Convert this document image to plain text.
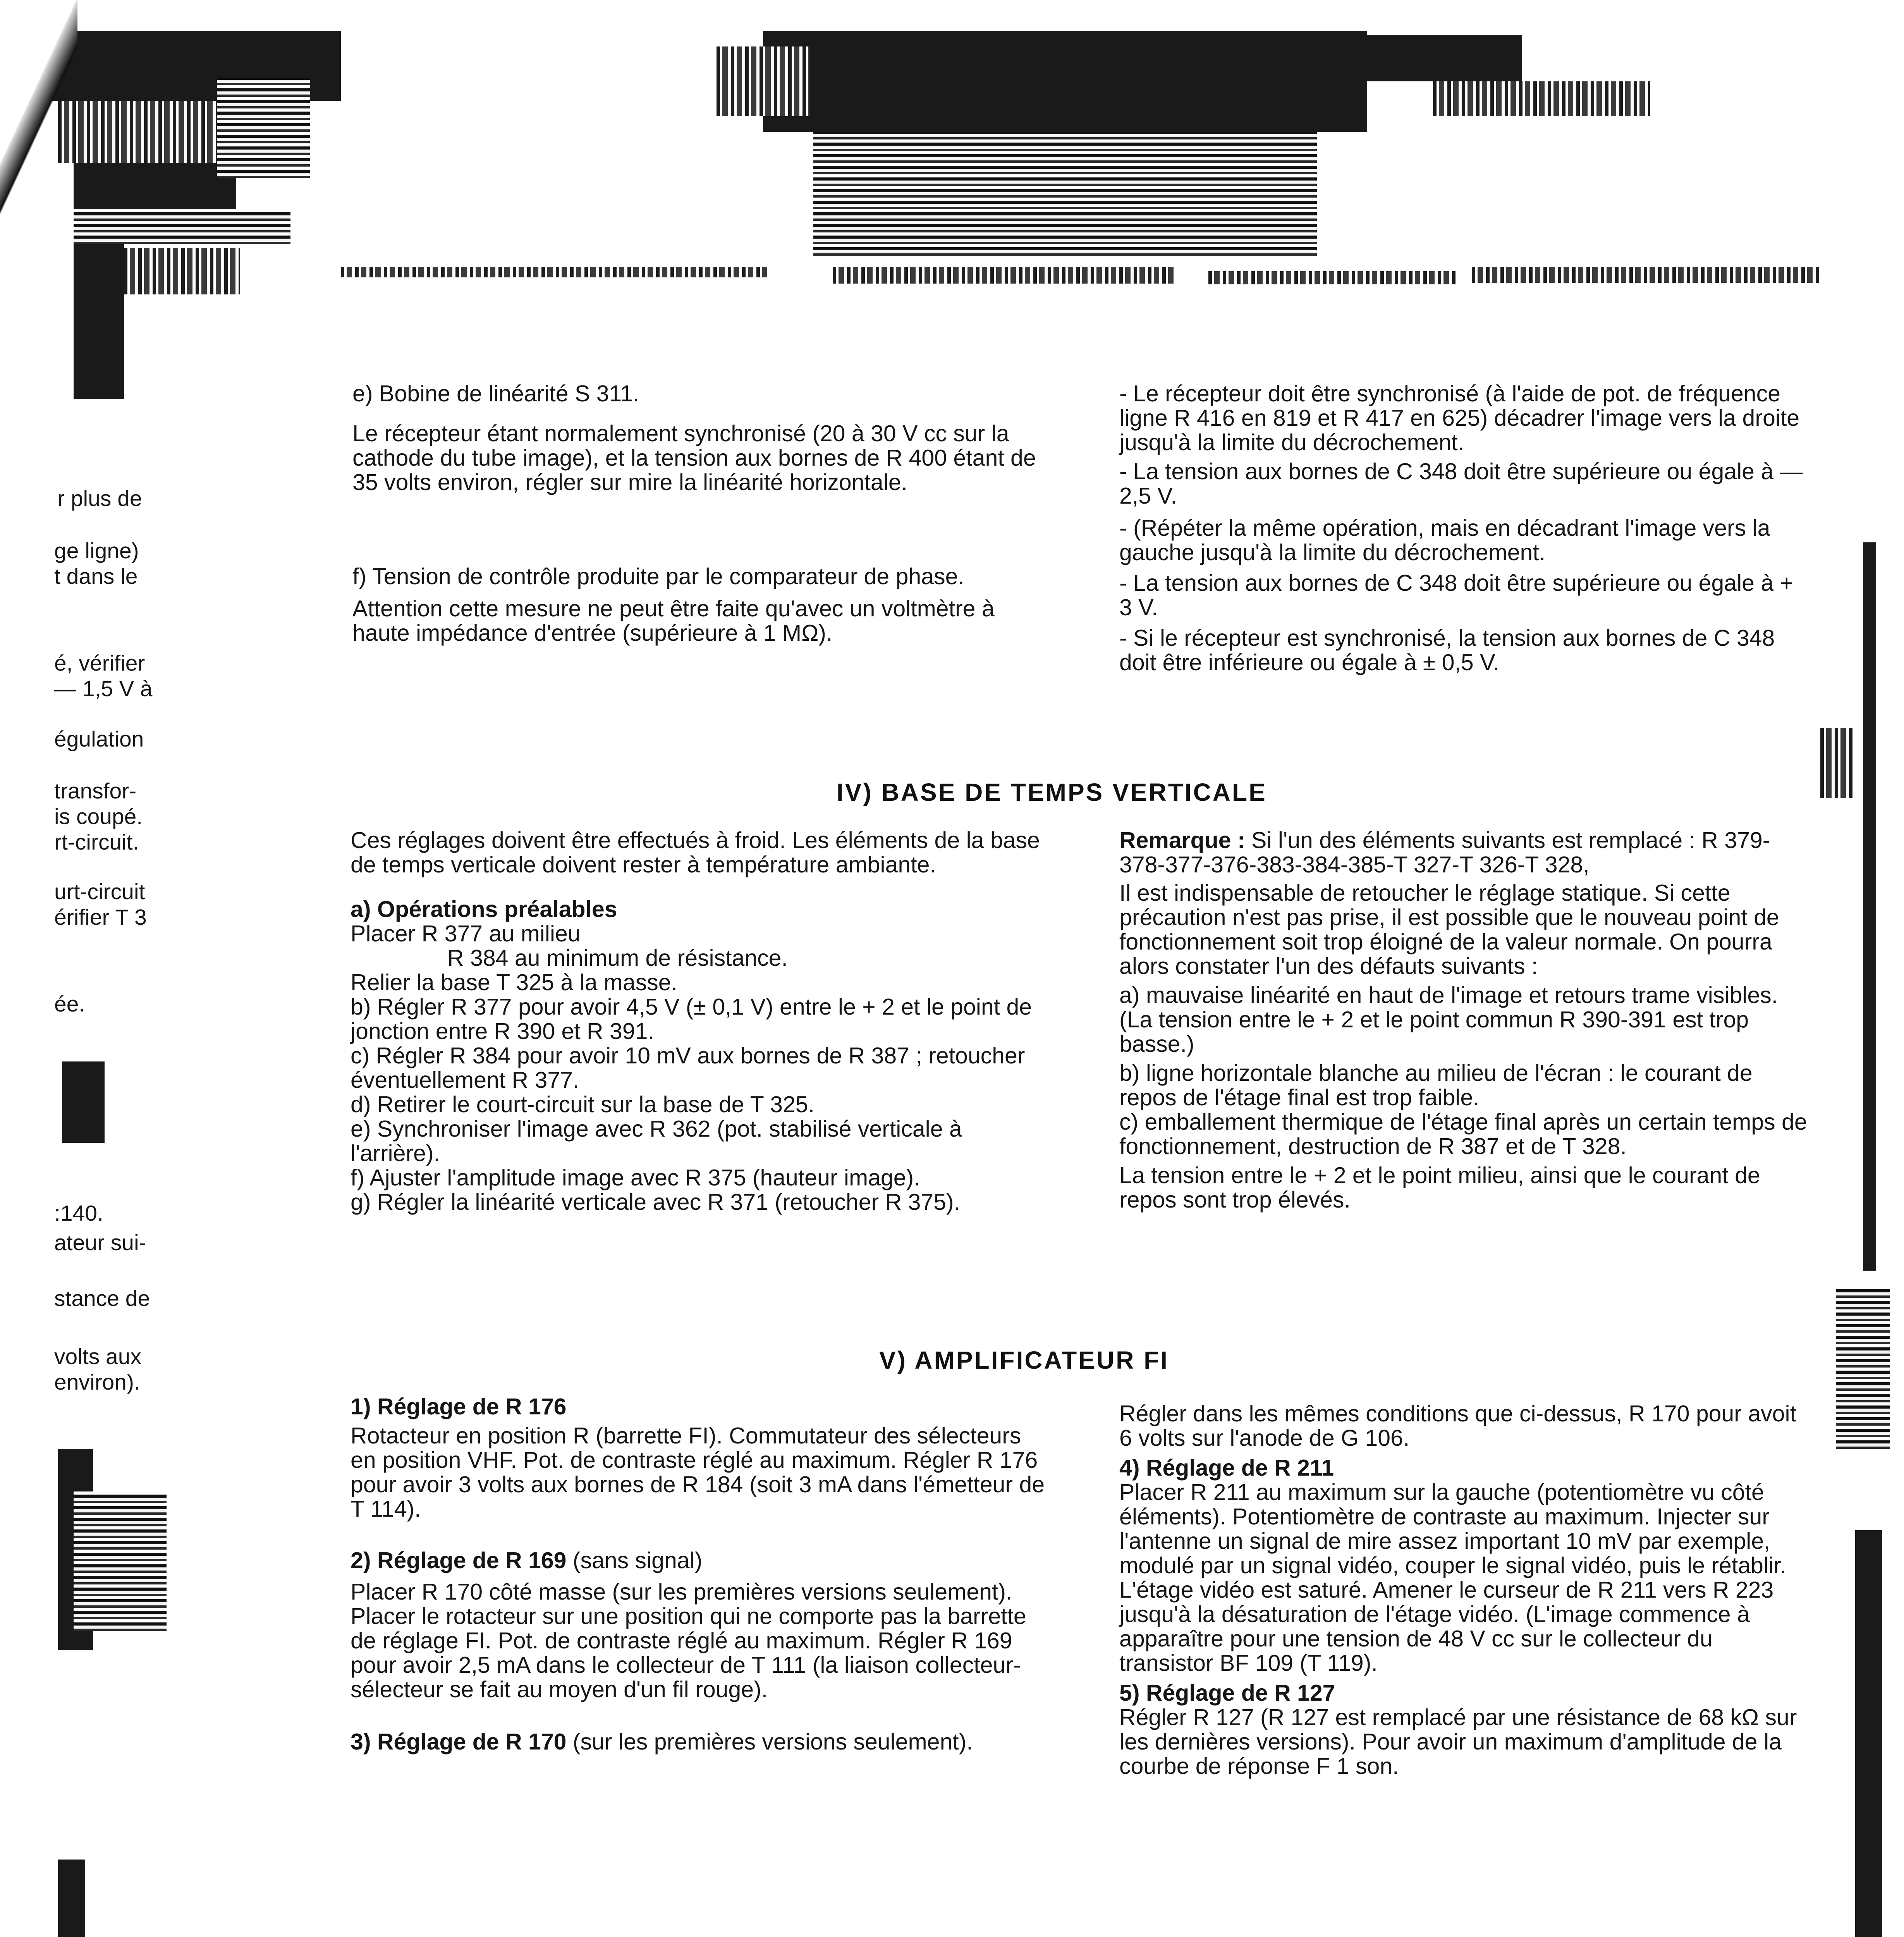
r plus de
ge ligne)
t dans le
é, vérifier
— 1,5 V à
égulation
transfor-
is coupé.
rt-circuit.
urt-circuit
érifier T 3
ée.
:140.
ateur sui-
stance de
volts aux
environ).

e) Bobine de linéarité S 311.

Le récepteur étant normalement synchronisé (20 à 30 V cc sur la cathode du tube image), et la tension aux bornes de R 400 étant de 35 volts environ, régler sur mire la linéarité horizontale.

f) Tension de contrôle produite par le comparateur de phase.

Attention cette mesure ne peut être faite qu'avec un voltmètre à haute impédance d'entrée (supérieure à 1 MΩ).

- Le récepteur doit être synchronisé (à l'aide de pot. de fréquence ligne R 416 en 819 et R 417 en 625) décadrer l'image vers la droite jusqu'à la limite du décrochement.

- La tension aux bornes de C 348 doit être supérieure ou égale à — 2,5 V.

- (Répéter la même opération, mais en décadrant l'image vers la gauche jusqu'à la limite du décrochement.

- La tension aux bornes de C 348 doit être supérieure ou égale à + 3 V.

- Si le récepteur est synchronisé, la tension aux bornes de C 348 doit être inférieure ou égale à ± 0,5 V.

IV) BASE DE TEMPS VERTICALE

Ces réglages doivent être effectués à froid. Les éléments de la base de temps verticale doivent rester à température ambiante.

a) Opérations préalables

Placer R 377 au milieu

R 384 au minimum de résistance.

Relier la base T 325 à la masse.

b) Régler R 377 pour avoir 4,5 V (± 0,1 V) entre le + 2 et le point de jonction entre R 390 et R 391.

c) Régler R 384 pour avoir 10 mV aux bornes de R 387 ; retoucher éventuellement R 377.

d) Retirer le court-circuit sur la base de T 325.

e) Synchroniser l'image avec R 362 (pot. stabilisé verticale à l'arrière).

f) Ajuster l'amplitude image avec R 375 (hauteur image).

g) Régler la linéarité verticale avec R 371 (retoucher R 375).

Remarque : Si l'un des éléments suivants est remplacé : R 379-378-377-376-383-384-385-T 327-T 326-T 328,

Il est indispensable de retoucher le réglage statique. Si cette précaution n'est pas prise, il est possible que le nouveau point de fonctionnement soit trop éloigné de la valeur normale. On pourra alors constater l'un des défauts suivants :

a) mauvaise linéarité en haut de l'image et retours trame visibles. (La tension entre le + 2 et le point commun R 390-391 est trop basse.)

b) ligne horizontale blanche au milieu de l'écran : le courant de repos de l'étage final est trop faible.

c) emballement thermique de l'étage final après un certain temps de fonctionnement, destruction de R 387 et de T 328.

La tension entre le + 2 et le point milieu, ainsi que le courant de repos sont trop élevés.

V) AMPLIFICATEUR FI

1) Réglage de R 176

Rotacteur en position R (barrette FI). Commutateur des sélecteurs en position VHF. Pot. de contraste réglé au maximum. Régler R 176 pour avoir 3 volts aux bornes de R 184 (soit 3 mA dans l'émetteur de T 114).

2) Réglage de R 169 (sans signal)

Placer R 170 côté masse (sur les premières versions seulement). Placer le rotacteur sur une position qui ne comporte pas la barrette de réglage FI. Pot. de contraste réglé au maximum. Régler R 169 pour avoir 2,5 mA dans le collecteur de T 111 (la liaison collecteur-sélecteur se fait au moyen d'un fil rouge).

3) Réglage de R 170 (sur les premières versions seulement).

Régler dans les mêmes conditions que ci-dessus, R 170 pour avoit 6 volts sur l'anode de G 106.

4) Réglage de R 211

Placer R 211 au maximum sur la gauche (potentiomètre vu côté éléments). Potentiomètre de contraste au maximum. Injecter sur l'antenne un signal de mire assez important 10 mV par exemple, modulé par un signal vidéo, couper le signal vidéo, puis le rétablir. L'étage vidéo est saturé. Amener le curseur de R 211 vers R 223 jusqu'à la désaturation de l'étage vidéo. (L'image commence à apparaître pour une tension de 48 V cc sur le collecteur du transistor BF 109 (T 119).

5) Réglage de R 127

Régler R 127 (R 127 est remplacé par une résistance de 68 kΩ sur les dernières versions). Pour avoir un maximum d'amplitude de la courbe de réponse F 1 son.
